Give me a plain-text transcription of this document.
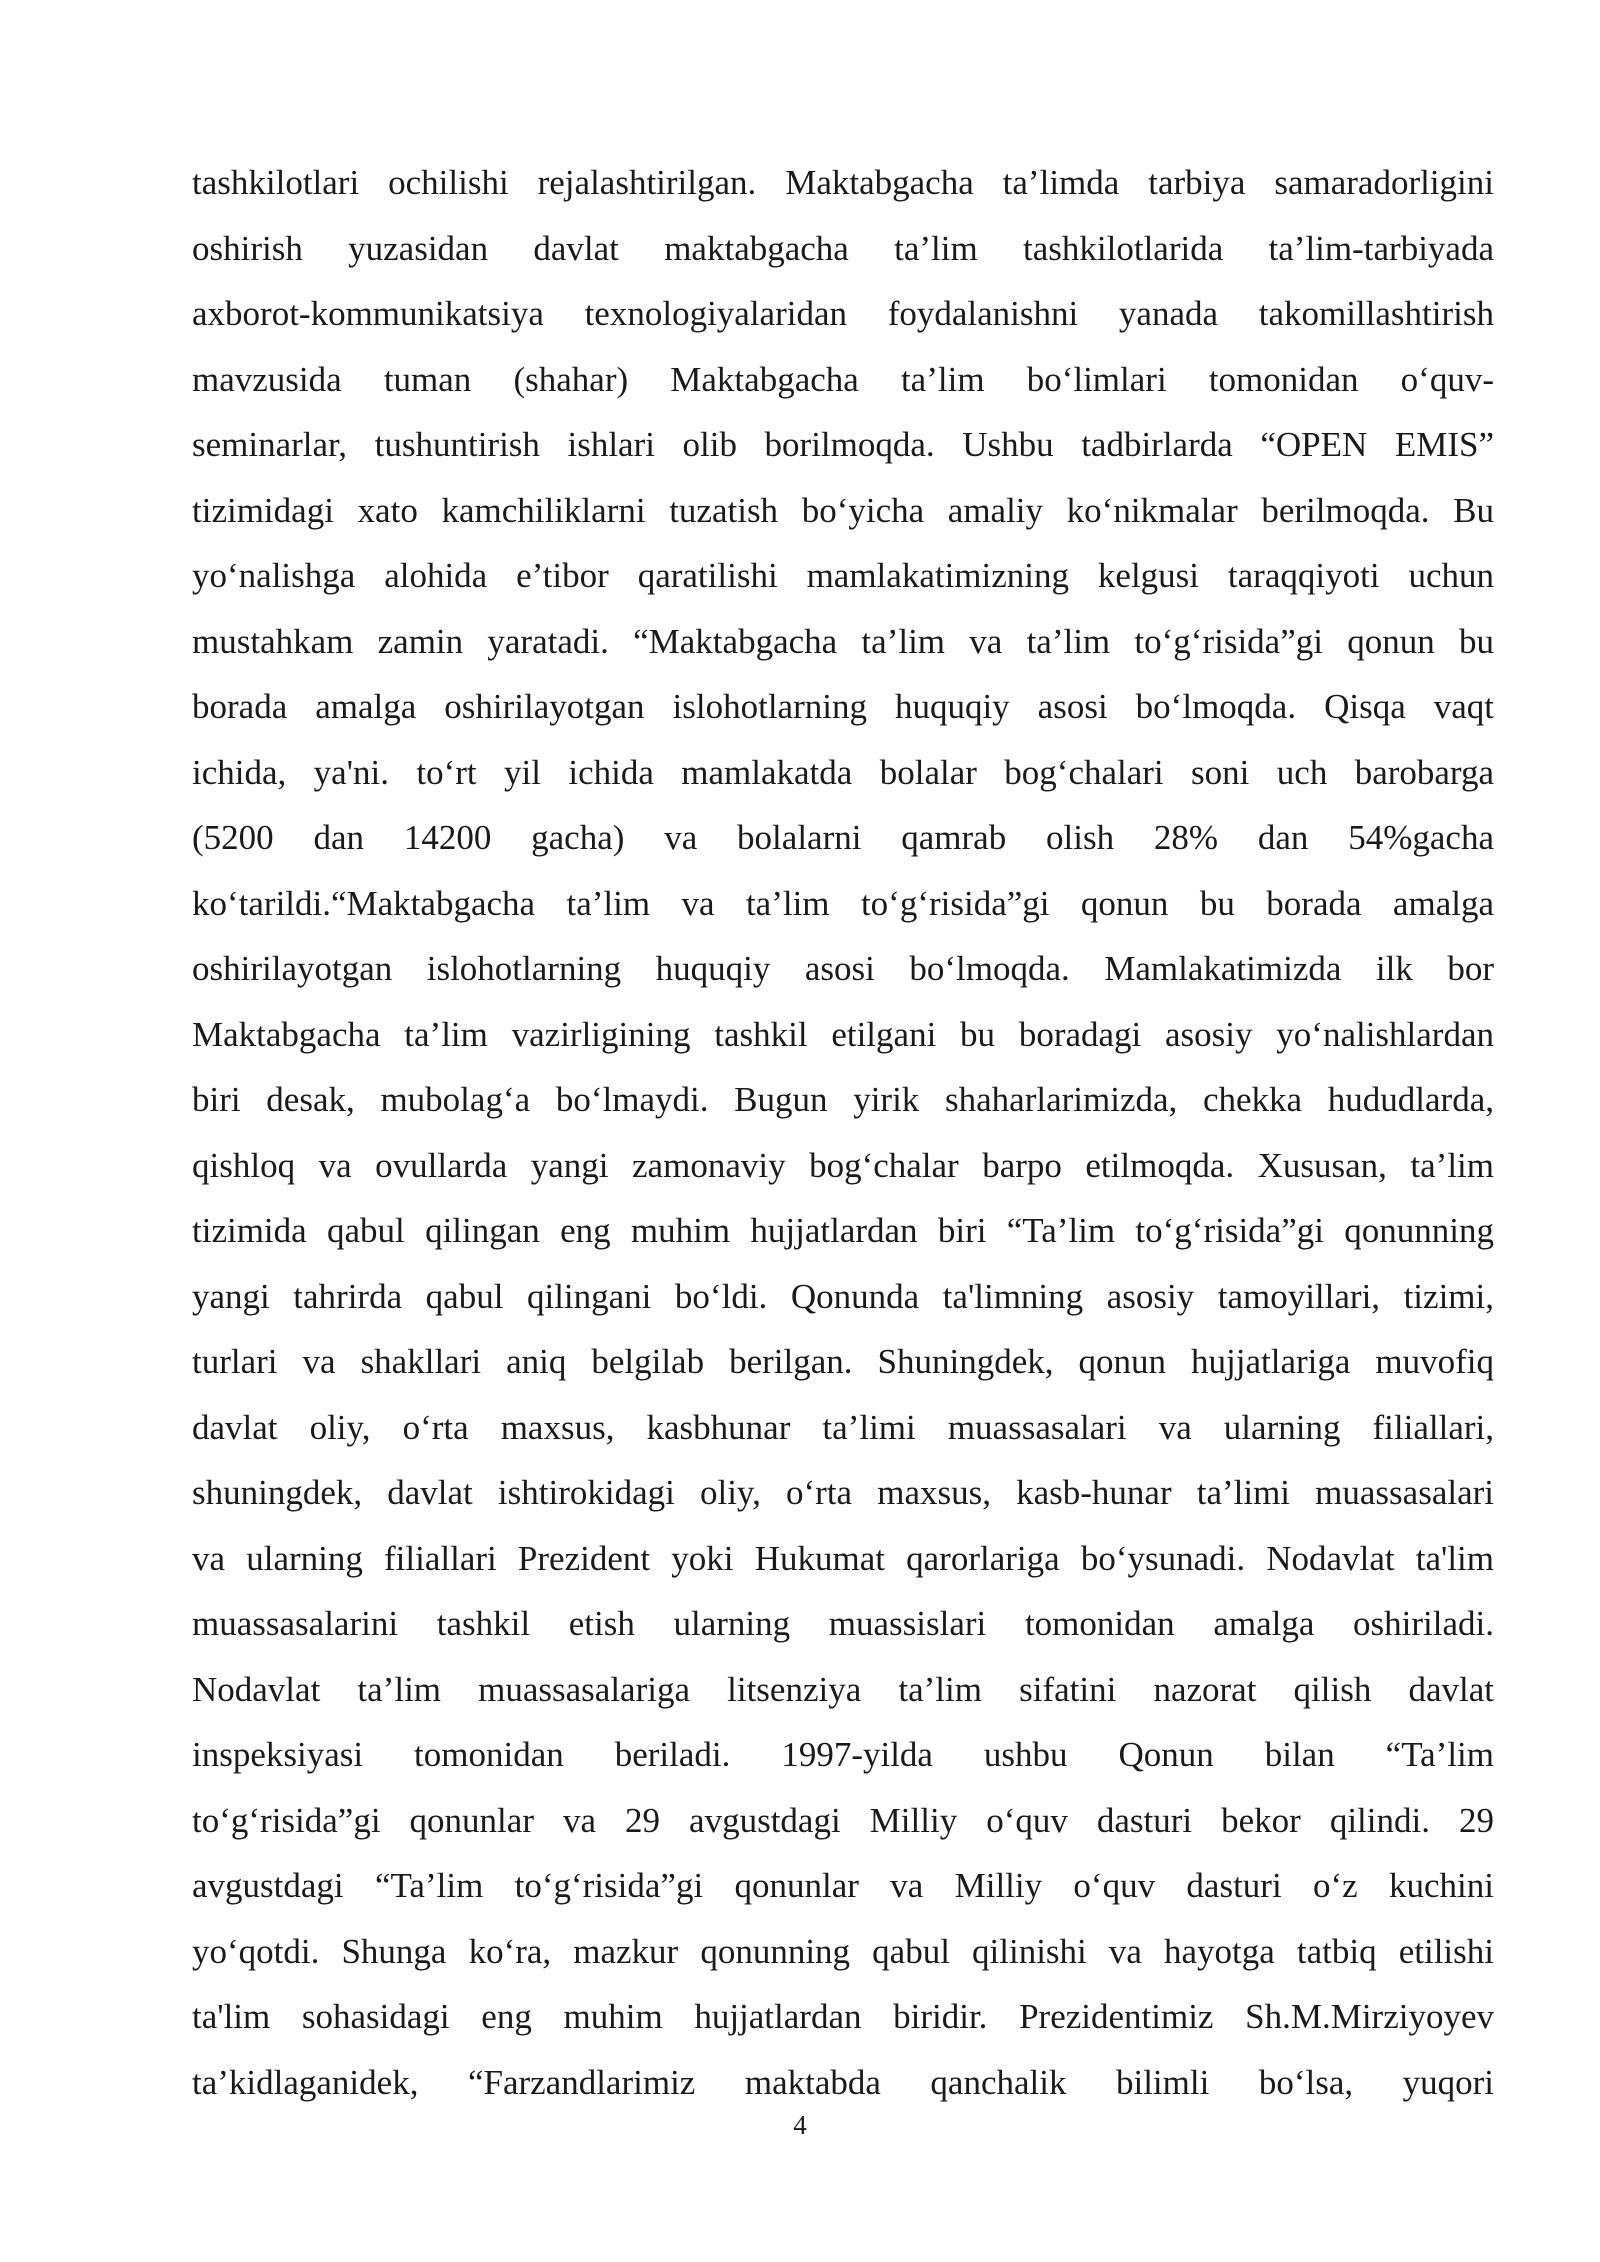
tashkilotlari ochilishi rejalashtirilgan. Maktabgacha ta’limda tarbiya samaradorligini
oshirish yuzasidan davlat maktabgacha ta’lim tashkilotlarida ta’lim-tarbiyada
axborot-kommunikatsiya texnologiyalaridan foydalanishni yanada takomillashtirish
mavzusida tuman (shahar) Maktabgacha ta’lim bo‘limlari tomonidan o‘quv-
seminarlar, tushuntirish ishlari olib borilmoqda. Ushbu tadbirlarda “OPEN EMIS”
tizimidagi xato kamchiliklarni tuzatish bo‘yicha amaliy ko‘nikmalar berilmoqda. Bu
yo‘nalishga alohida e’tibor qaratilishi mamlakatimizning kelgusi taraqqiyoti uchun
mustahkam zamin yaratadi. “Maktabgacha ta’lim va ta’lim to‘g‘risida”gi qonun bu
borada amalga oshirilayotgan islohotlarning huquqiy asosi bo‘lmoqda. Qisqa vaqt
ichida, ya'ni. to‘rt yil ichida mamlakatda bolalar bog‘chalari soni uch barobarga
(5200 dan 14200 gacha) va bolalarni qamrab olish 28% dan 54%gacha
ko‘tarildi.“Maktabgacha ta’lim va ta’lim to‘g‘risida”gi qonun bu borada amalga
oshirilayotgan islohotlarning huquqiy asosi bo‘lmoqda. Mamlakatimizda ilk bor
Maktabgacha ta’lim vazirligining tashkil etilgani bu boradagi asosiy yo‘nalishlardan
biri desak, mubolag‘a bo‘lmaydi. Bugun yirik shaharlarimizda, chekka hududlarda,
qishloq va ovullarda yangi zamonaviy bog‘chalar barpo etilmoqda. Xususan, ta’lim
tizimida qabul qilingan eng muhim hujjatlardan biri “Ta’lim to‘g‘risida”gi qonunning
yangi tahrirda qabul qilingani bo‘ldi. Qonunda ta'limning asosiy tamoyillari, tizimi,
turlari va shakllari aniq belgilab berilgan. Shuningdek, qonun hujjatlariga muvofiq
davlat oliy, o‘rta maxsus, kasbhunar ta’limi muassasalari va ularning filiallari,
shuningdek, davlat ishtirokidagi oliy, o‘rta maxsus, kasb-hunar ta’limi muassasalari
va ularning filiallari Prezident yoki Hukumat qarorlariga bo‘ysunadi. Nodavlat ta'lim
muassasalarini tashkil etish ularning muassislari tomonidan amalga oshiriladi.
Nodavlat ta’lim muassasalariga litsenziya ta’lim sifatini nazorat qilish davlat
inspeksiyasi tomonidan beriladi. 1997-yilda ushbu Qonun bilan “Ta’lim
to‘g‘risida”gi qonunlar va 29 avgustdagi Milliy o‘quv dasturi bekor qilindi. 29
avgustdagi “Ta’lim to‘g‘risida”gi qonunlar va Milliy o‘quv dasturi o‘z kuchini
yo‘qotdi. Shunga ko‘ra, mazkur qonunning qabul qilinishi va hayotga tatbiq etilishi
ta'lim sohasidagi eng muhim hujjatlardan biridir. Prezidentimiz Sh.M.Mirziyoyev
ta’kidlaganidek, “Farzandlarimiz maktabda qanchalik bilimli bo‘lsa, yuqori
4
